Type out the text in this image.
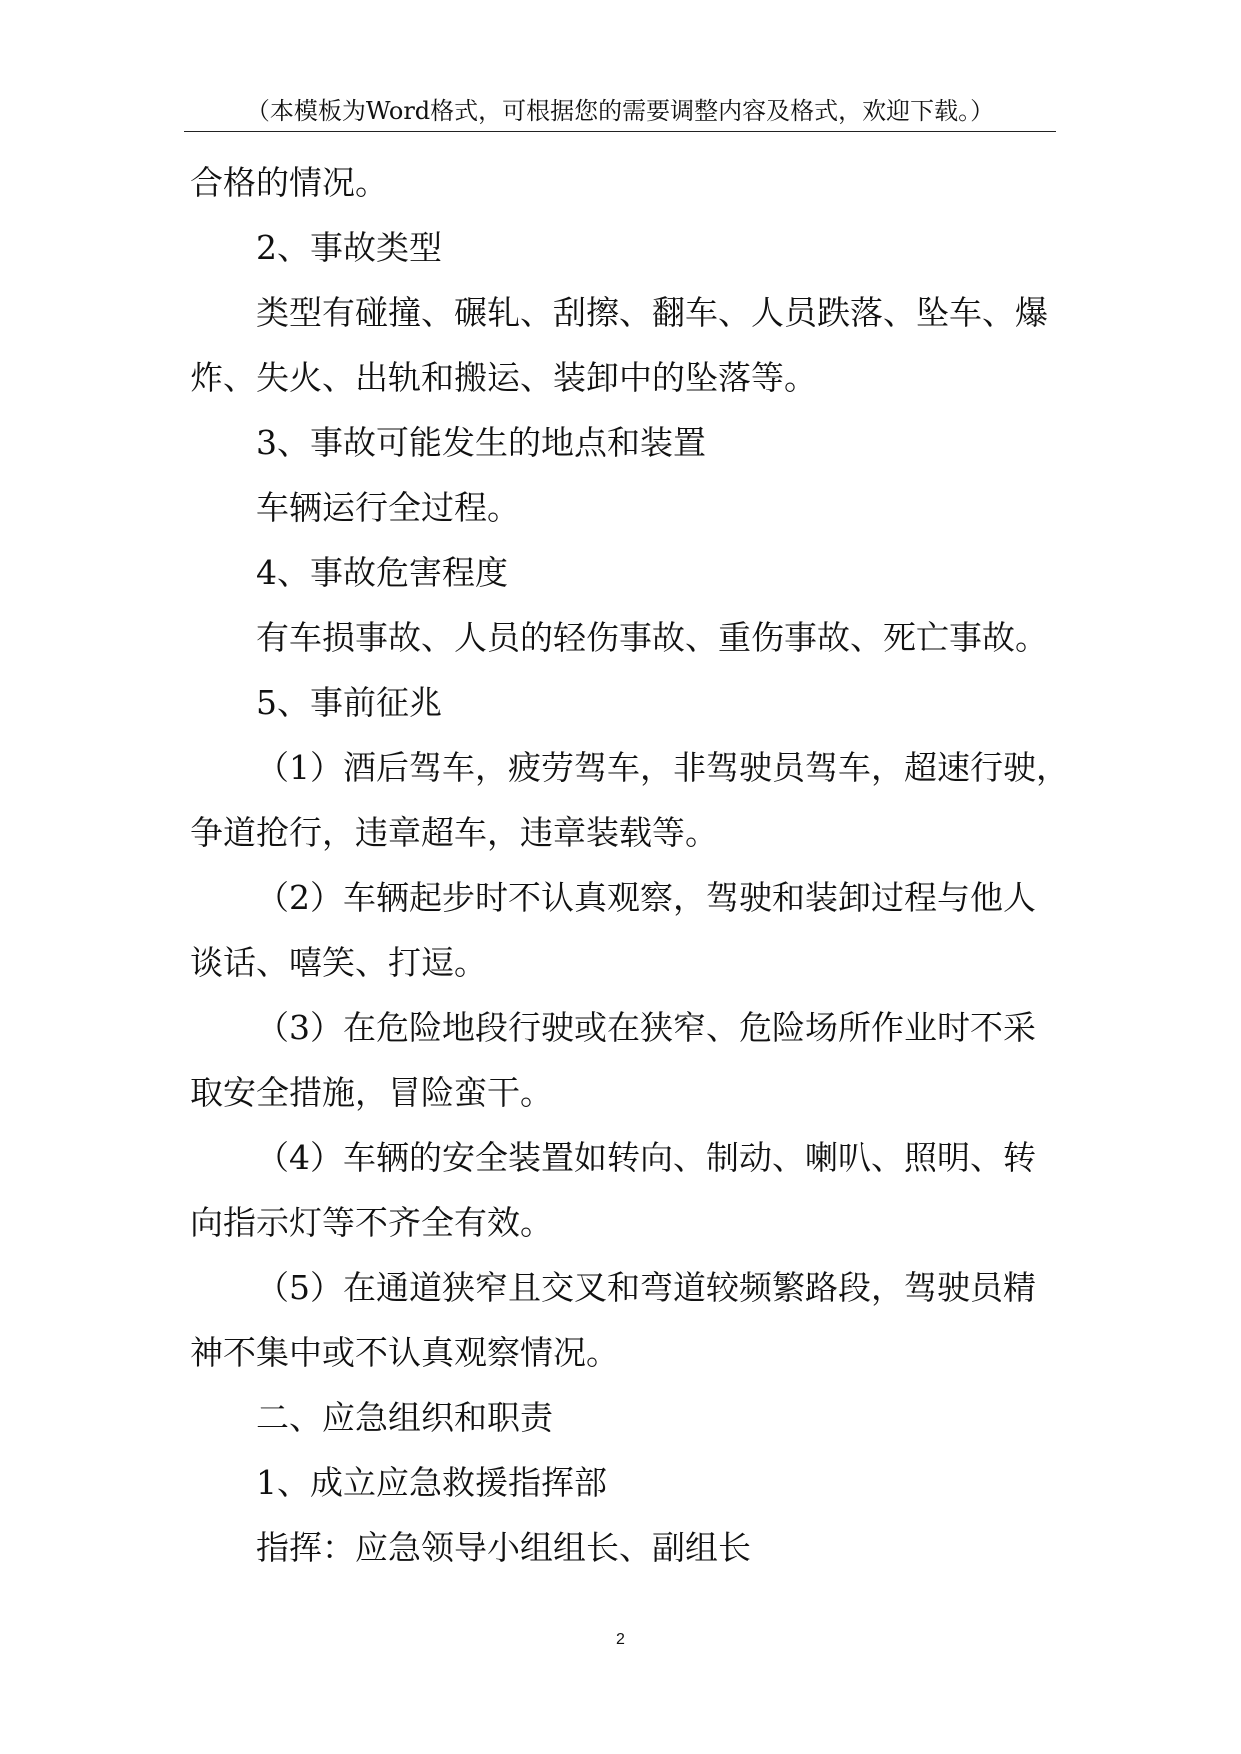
（本模板为Word格式，可根据您的需要调整内容及格式，欢迎下载。）

合格的情况。

2、事故类型

类型有碰撞、碾轧、刮擦、翻车、人员跌落、坠车、爆

炸、失火、出轨和搬运、装卸中的坠落等。

3、事故可能发生的地点和装置

车辆运行全过程。

4、事故危害程度

有车损事故、人员的轻伤事故、重伤事故、死亡事故。

5、事前征兆

（1）酒后驾车，疲劳驾车，非驾驶员驾车，超速行驶，

争道抢行，违章超车，违章装载等。

（2）车辆起步时不认真观察，驾驶和装卸过程与他人

谈话、嘻笑、打逗。

（3）在危险地段行驶或在狭窄、危险场所作业时不采

取安全措施，冒险蛮干。

（4）车辆的安全装置如转向、制动、喇叭、照明、转

向指示灯等不齐全有效。

（5）在通道狭窄且交叉和弯道较频繁路段，驾驶员精

神不集中或不认真观察情况。

二、应急组织和职责

1、成立应急救援指挥部

指挥：应急领导小组组长、副组长

2
